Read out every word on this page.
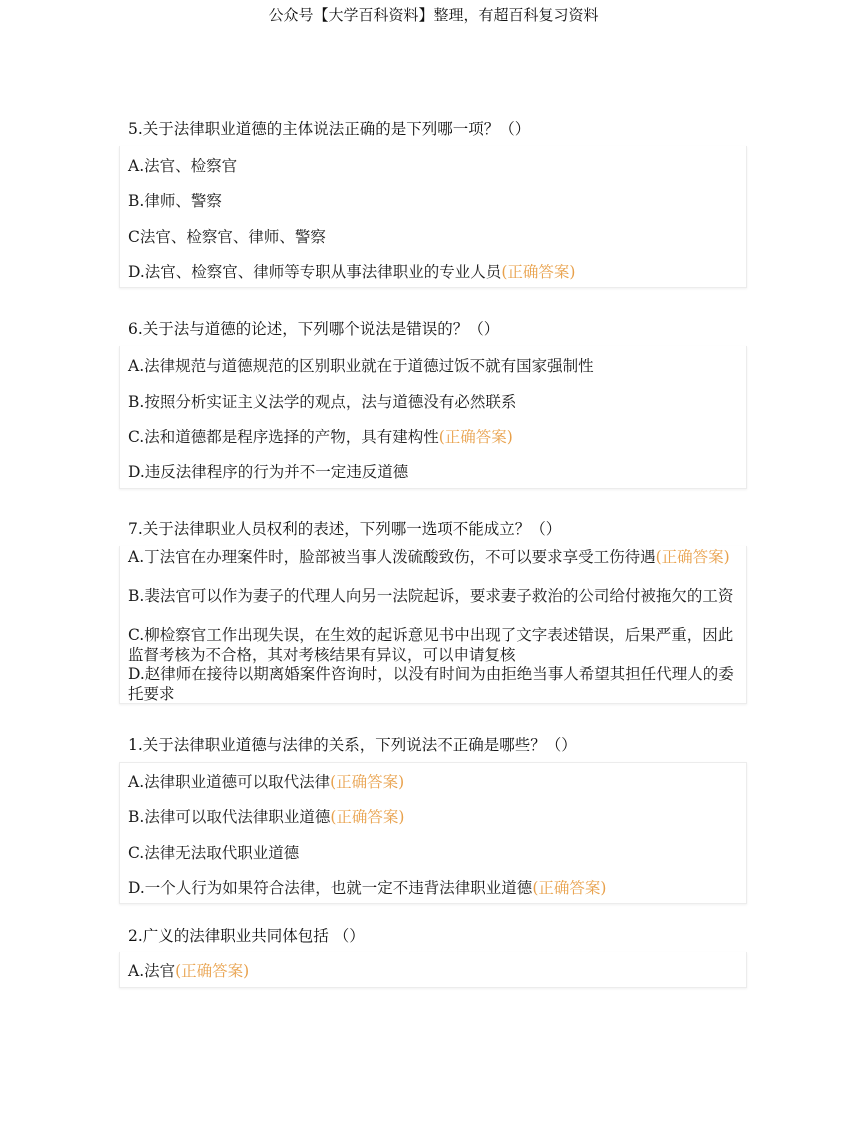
公众号【大学百科资料】整理，有超百科复习资料
5.关于法律职业道德的主体说法正确的是下列哪一项？（）
A.法官、检察官
B.律师、警察
C法官、检察官、律师、警察
D.法官、检察官、律师等专职从事法律职业的专业人员(正确答案)
6.关于法与道德的论述，下列哪个说法是错误的？（）
A.法律规范与道德规范的区别职业就在于道德过饭不就有国家强制性
B.按照分析实证主义法学的观点，法与道德没有必然联系
C.法和道德都是程序选择的产物，具有建构性(正确答案)
D.违反法律程序的行为并不一定违反道德
7.关于法律职业人员权利的表述，下列哪一选项不能成立？（）
A.丁法官在办理案件时，脸部被当事人泼硫酸致伤，不可以要求享受工伤待遇(正确答案)
B.裴法官可以作为妻子的代理人向另一法院起诉，要求妻子救治的公司给付被拖欠的工资
C.柳检察官工作出现失误，在生效的起诉意见书中出现了文字表述错误，后果严重，因此监督考核为不合格，其对考核结果有异议，可以申请复核
D.赵律师在接待以期离婚案件咨询时，以没有时间为由拒绝当事人希望其担任代理人的委托要求
1.关于法律职业道德与法律的关系，下列说法不正确是哪些？（）
A.法律职业道德可以取代法律(正确答案)
B.法律可以取代法律职业道德(正确答案)
C.法律无法取代职业道德
D.一个人行为如果符合法律，也就一定不违背法律职业道德(正确答案)
2.广义的法律职业共同体包括 （）
A.法官(正确答案)
